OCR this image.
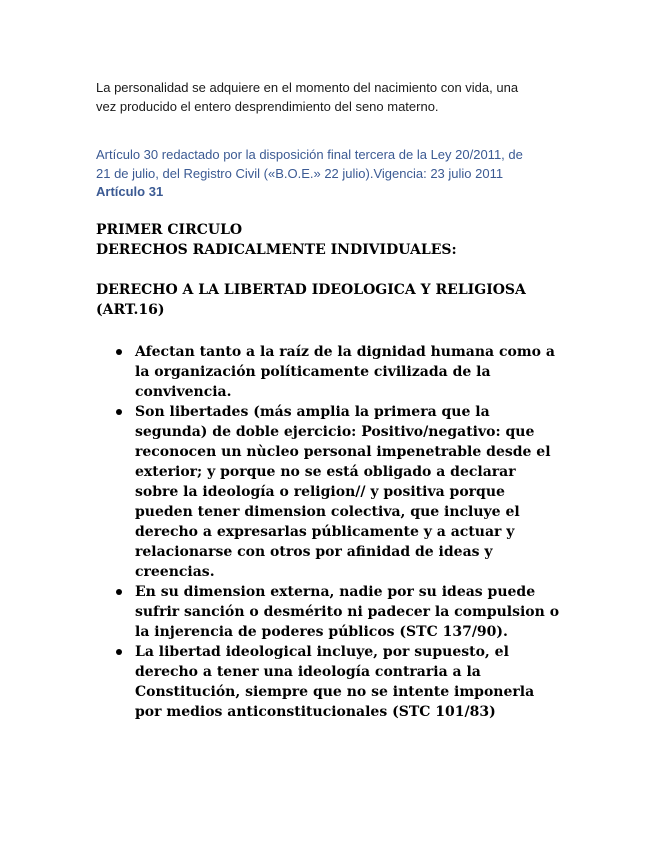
La personalidad se adquiere en el momento del nacimiento con vida, una
vez producido el entero desprendimiento del seno materno.

Artículo 30 redactado por la disposición final tercera de la Ley 20/2011, de
21 de julio, del Registro Civil («B.O.E.» 22 julio).Vigencia: 23 julio 2011

Artículo 31

PRIMER CIRCULO
DERECHOS RADICALMENTE INDIVIDUALES:
DERECHO A LA LIBERTAD IDEOLOGICA Y RELIGIOSA
(ART.16)
Afectan tanto a la raíz de la dignidad humana como a
la organización políticamente civilizada de la
convivencia.
Son libertades (más amplia la primera que la
segunda) de doble ejercicio: Positivo/negativo: que
reconocen un nùcleo personal impenetrable desde el
exterior; y porque no se está obligado a declarar
sobre la ideología o religion// y positiva porque
pueden tener dimension colectiva, que incluye el
derecho a expresarlas públicamente y a actuar y
relacionarse con otros por afinidad de ideas y
creencias.
En su dimension externa, nadie por su ideas puede
sufrir sanción o desmérito ni padecer la compulsion o
la injerencia de poderes públicos (STC 137/90).
La libertad ideological incluye, por supuesto, el
derecho a tener una ideología contraria a la
Constitución, siempre que no se intente imponerla
por medios anticonstitucionales (STC 101/83)
